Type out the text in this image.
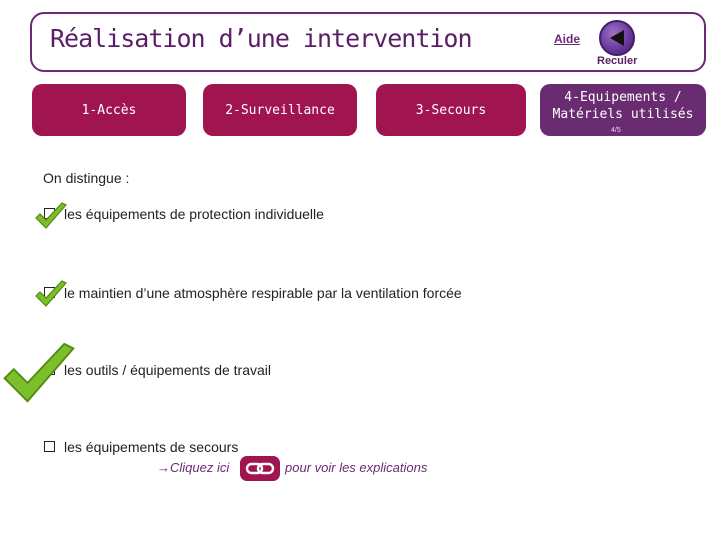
Réalisation d’une intervention	Aide
Reculer
1-Accès	2-Surveillance	3-Secours
4-Equipements /
Matériels utilisés
4/5
On distingue :
les équipements de protection individuelle
le maintien d’une atmosphère respirable par la ventilation forcée
les outils / équipements de travail
les équipements de secours
→Cliquez ici	pour voir les explications
